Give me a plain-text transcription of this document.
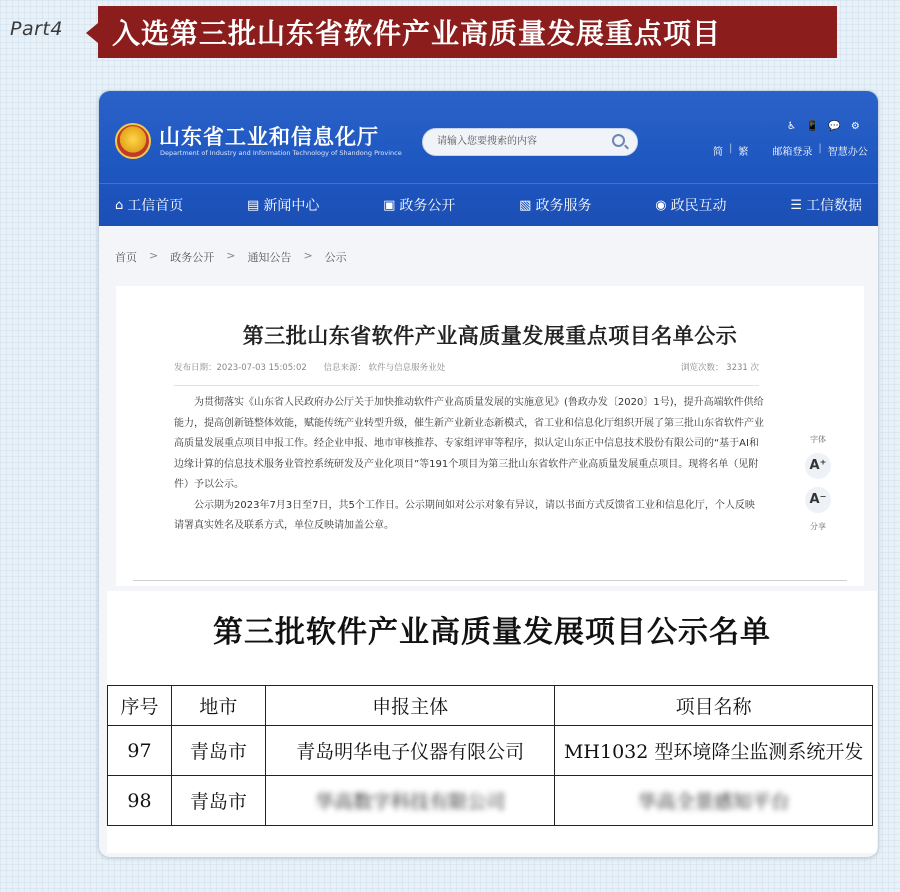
Part4	入选第三批山东省软件产业高质量发展重点项目
山东省工业和信息化厅
Department of Industry and Information Technology of Shandong Province
请输入您要搜索的内容
♿ 📱 💬 ⚙
简 | 繁 邮箱登录 | 智慧办公
⌂ 工信首页	▤ 新闻中心	▣ 政务公开	▧ 政务服务	◉ 政民互动	☰ 工信数据
首页 > 政务公开 > 通知公告 > 公示
第三批山东省软件产业高质量发展重点项目名单公示
发布日期：2023-07-03 15:05:02 信息来源： 软件与信息服务业处	浏览次数： 3231 次

为贯彻落实《山东省人民政府办公厅关于加快推动软件产业高质量发展的实施意见》(鲁政办发〔2020〕1号)，提升高端软件供给能力，提高创新链整体效能，赋能传统产业转型升级，催生新产业新业态新模式，省工业和信息化厅组织开展了第三批山东省软件产业高质量发展重点项目申报工作。经企业申报、地市审核推荐、专家组评审等程序，拟认定山东正中信息技术股份有限公司的“基于AI和边缘计算的信息技术服务业管控系统研发及产业化项目”等191个项目为第三批山东省软件产业高质量发展重点项目。现将名单（见附件）予以公示。

公示期为2023年7月3日至7日，共5个工作日。公示期间如对公示对象有异议，请以书面方式反馈省工业和信息化厅，个人反映请署真实姓名及联系方式，单位反映请加盖公章。

字体
A⁺
A⁻
分享
第三批软件产业高质量发展项目公示名单
序号	地市	申报主体	项目名称
97	青岛市	青岛明华电子仪器有限公司	MH1032 型环境降尘监测系统开发
98	青岛市	华高数字科技有限公司	华高全景感知平台
